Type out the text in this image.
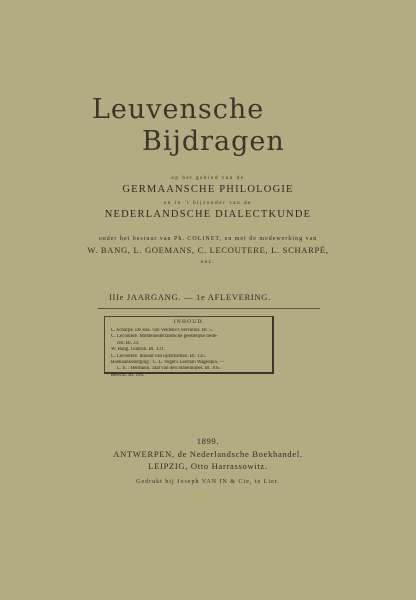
Leuvensche
Bijdragen
op het gebied van de
GERMAANSCHE PHILOLOGIE
en in 't bijzonder van de
NEDERLANDSCHE DIALECTKUNDE
onder het bestuur van Ph. COLINET, en met de medewerking van
W. BANG, L. GOEMANS, C. LECOUTERE, L. SCHARPÉ,
enz.
IIIe JAARGANG. — 1e AFLEVERING.
INHOUD.
L. Scharpé. De Hss. van Veldeke's Servatius. Bl. 5.
C. Lecoutere. Middelnederlandsche geestelijke liede-
ren. Bl. 23.
W. Bang. Gûdrun. Bl. 131.
C. Lecoutere. Inhoud van tijdschriften. Bl. 135.
Boekaankondiging : C. L. Vogel's Leeman Wagenpin. —
L. S. : Hermann. Taal van den Statenbijbel. Bl. 105.
Bericht. Bl. 106.
1899.
ANTWERPEN, de Nederlandsche Boekhandel.
LEIPZIG, Otto Harrassowitz.
Gedrukt bij Joseph VAN IN & Cie, te Lier.
